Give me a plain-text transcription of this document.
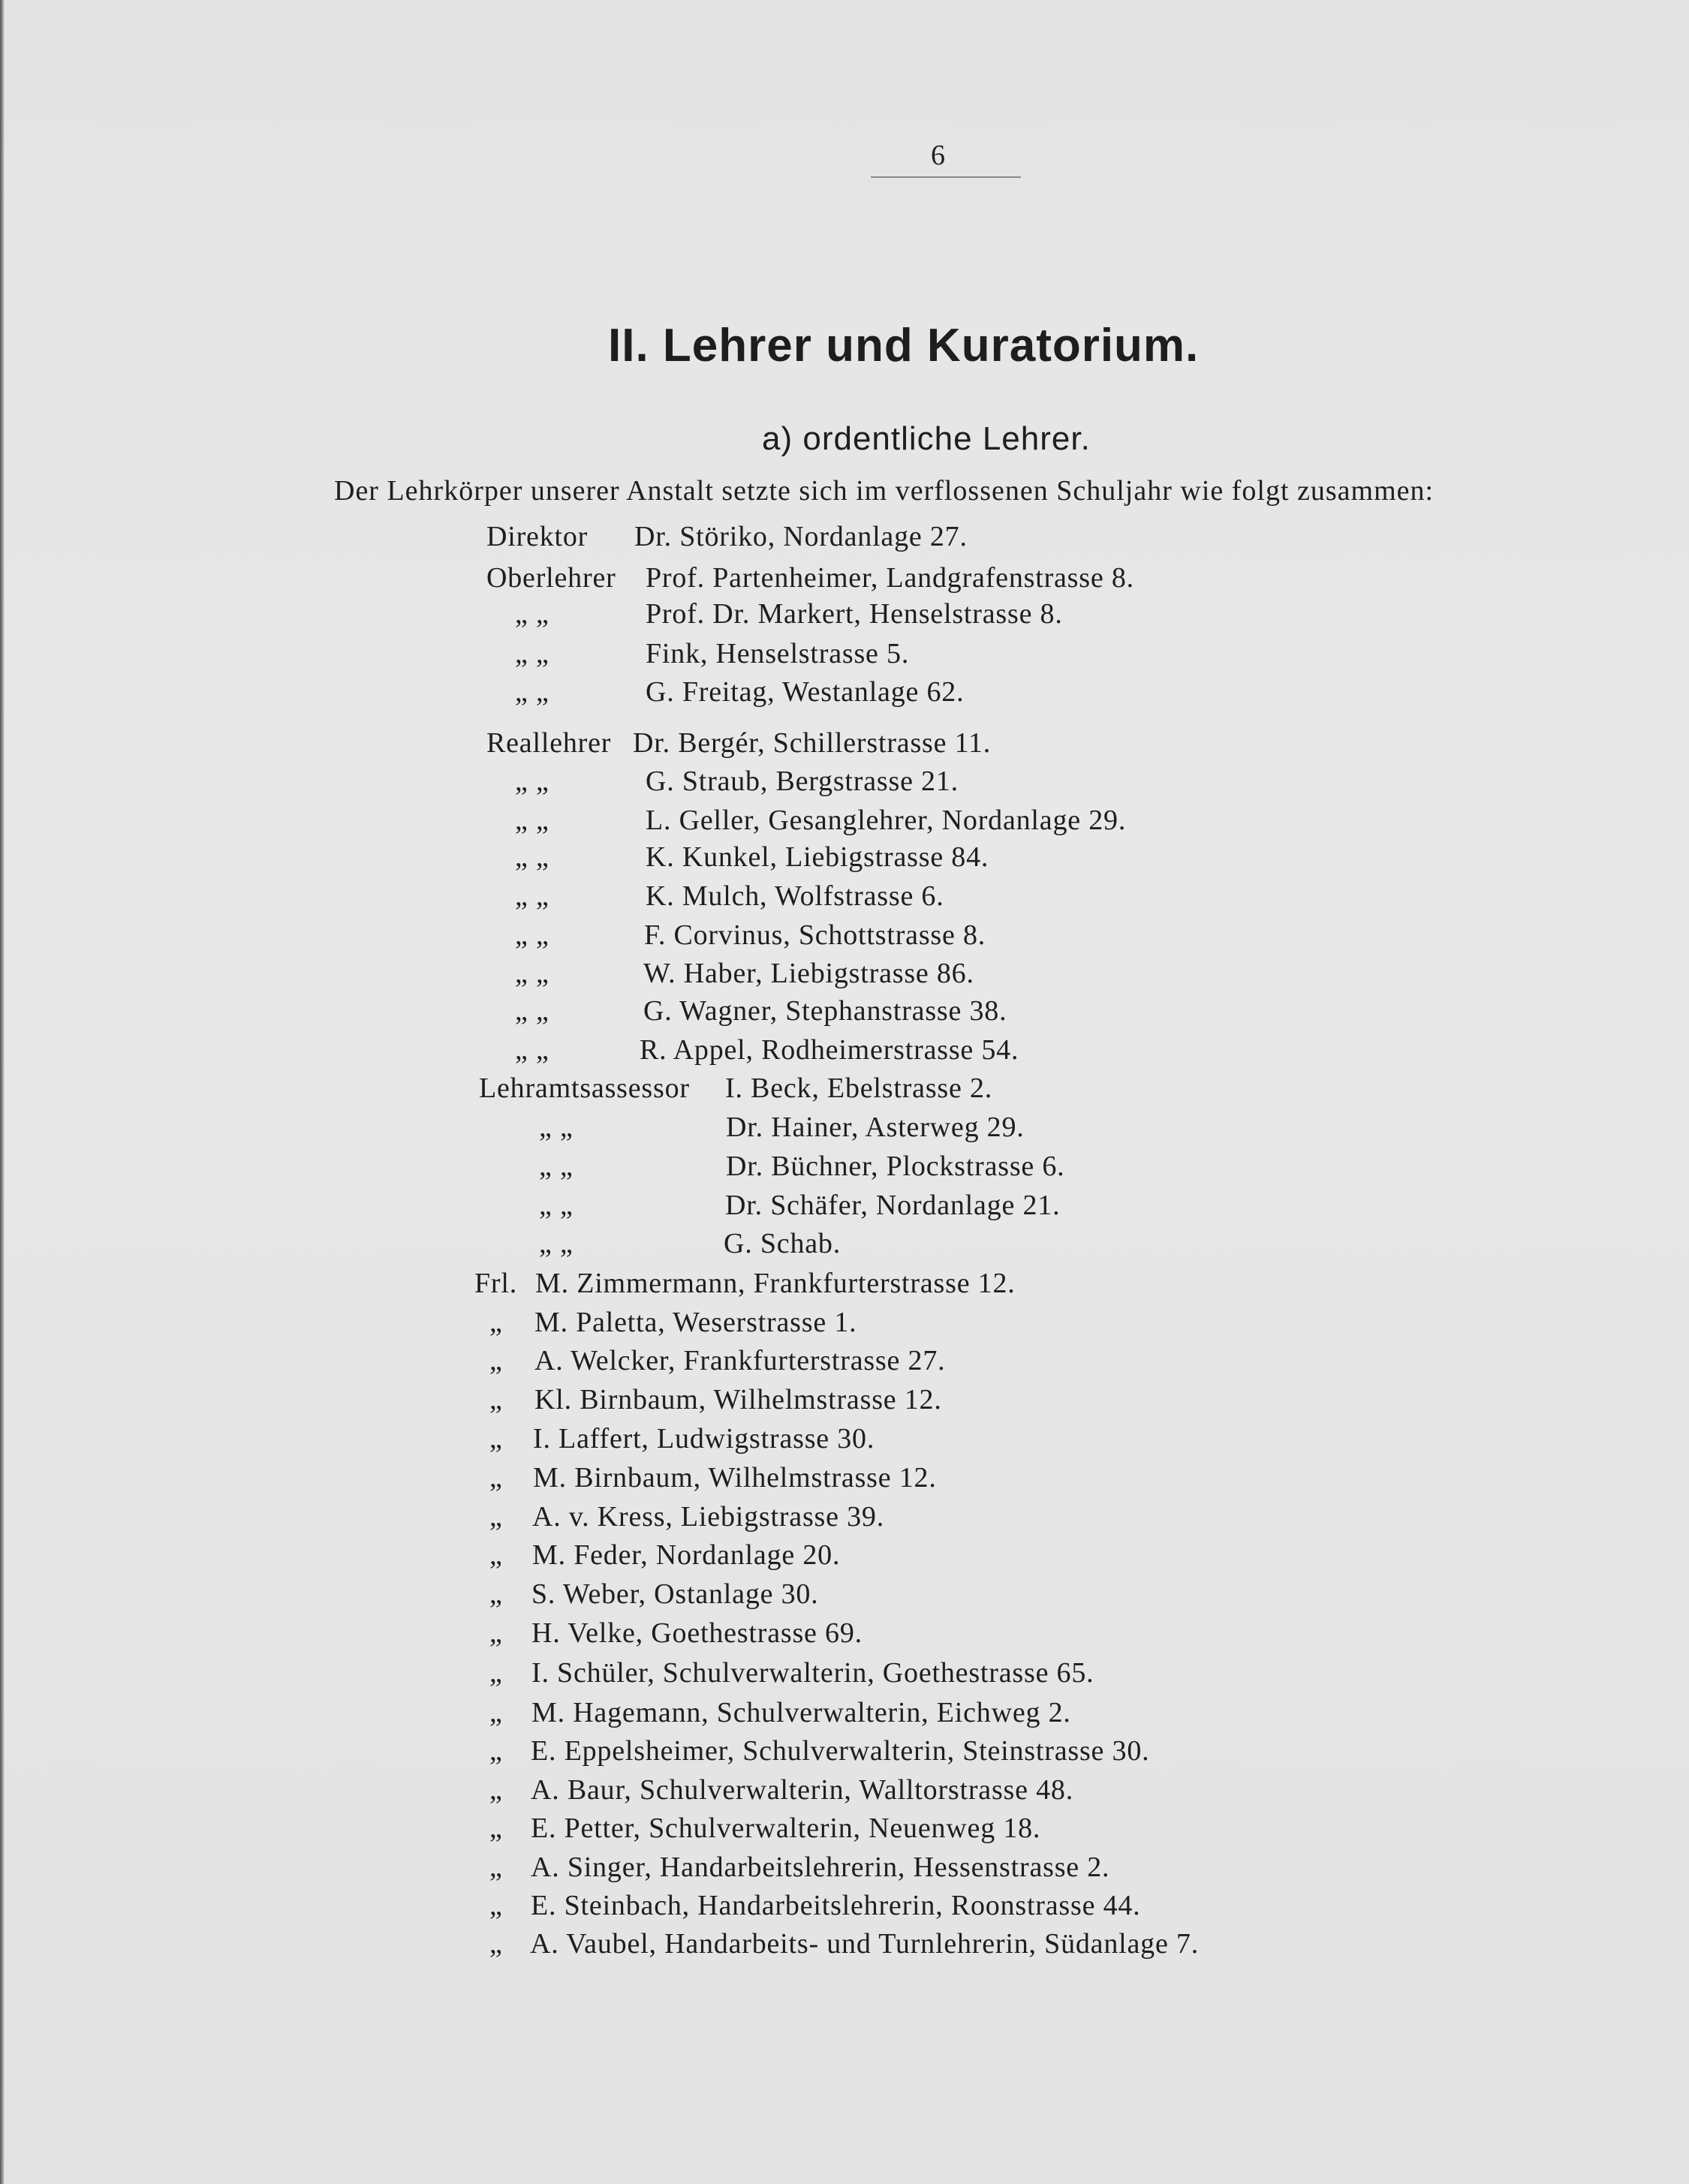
6
II. Lehrer und Kuratorium.
a) ordentliche Lehrer.
Der Lehrkörper unserer Anstalt setzte sich im verflossenen Schuljahr wie folgt zusammen:
Direktor Dr. Störiko, Nordanlage 27.
Oberlehrer Prof. Partenheimer, Landgrafenstrasse 8.
„ „	Prof. Dr. Markert, Henselstrasse 8.
„ „	Fink, Henselstrasse 5.
„ „	G. Freitag, Westanlage 62.
Reallehrer Dr. Bergér, Schillerstrasse 11.
„ „	G. Straub, Bergstrasse 21.
„ „	L. Geller, Gesanglehrer, Nordanlage 29.
„ „	K. Kunkel, Liebigstrasse 84.
„ „	K. Mulch, Wolfstrasse 6.
„ „	F. Corvinus, Schottstrasse 8.
„ „	W. Haber, Liebigstrasse 86.
„ „	G. Wagner, Stephanstrasse 38.
„ „	R. Appel, Rodheimerstrasse 54.
Lehramtsassessor I. Beck, Ebelstrasse 2.
„ „	Dr. Hainer, Asterweg 29.
„ „	Dr. Büchner, Plockstrasse 6.
„ „	Dr. Schäfer, Nordanlage 21.
„ „	G. Schab.
Frl. M. Zimmermann, Frankfurterstrasse 12.
„ M. Paletta, Weserstrasse 1.
„ A. Welcker, Frankfurterstrasse 27.
„ Kl. Birnbaum, Wilhelmstrasse 12.
„ I. Laffert, Ludwigstrasse 30.
„ M. Birnbaum, Wilhelmstrasse 12.
„ A. v. Kress, Liebigstrasse 39.
„ M. Feder, Nordanlage 20.
„ S. Weber, Ostanlage 30.
„ H. Velke, Goethestrasse 69.
„ I. Schüler, Schulverwalterin, Goethestrasse 65.
„ M. Hagemann, Schulverwalterin, Eichweg 2.
„ E. Eppelsheimer, Schulverwalterin, Steinstrasse 30.
„ A. Baur, Schulverwalterin, Walltorstrasse 48.
„ E. Petter, Schulverwalterin, Neuenweg 18.
„ A. Singer, Handarbeitslehrerin, Hessenstrasse 2.
„ E. Steinbach, Handarbeitslehrerin, Roonstrasse 44.
„ A. Vaubel, Handarbeits- und Turnlehrerin, Südanlage 7.
